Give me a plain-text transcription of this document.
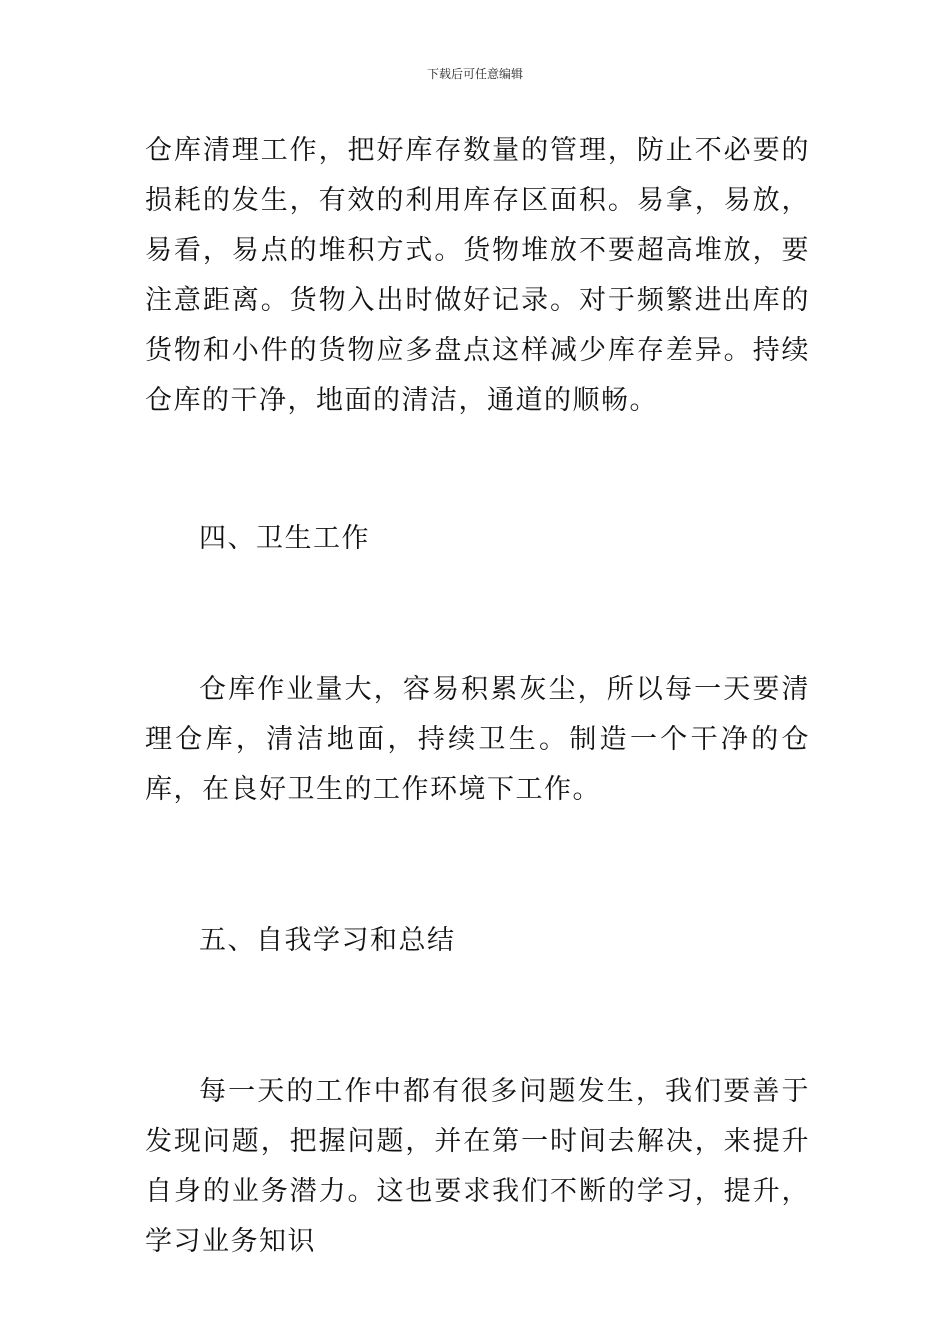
下载后可任意编辑

仓库清理工作，把好库存数量的管理，防止不必要的损耗的发生，有效的利用库存区面积。易拿，易放，易看，易点的堆积方式。货物堆放不要超高堆放，要注意距离。货物入出时做好记录。对于频繁进出库的货物和小件的货物应多盘点这样减少库存差异。持续仓库的干净，地面的清洁，通道的顺畅。

四、卫生工作

仓库作业量大，容易积累灰尘，所以每一天要清理仓库，清洁地面，持续卫生。制造一个干净的仓库，在良好卫生的工作环境下工作。

五、自我学习和总结

每一天的工作中都有很多问题发生，我们要善于发现问题，把握问题，并在第一时间去解决，来提升自身的业务潜力。这也要求我们不断的学习，提升，学习业务知识
